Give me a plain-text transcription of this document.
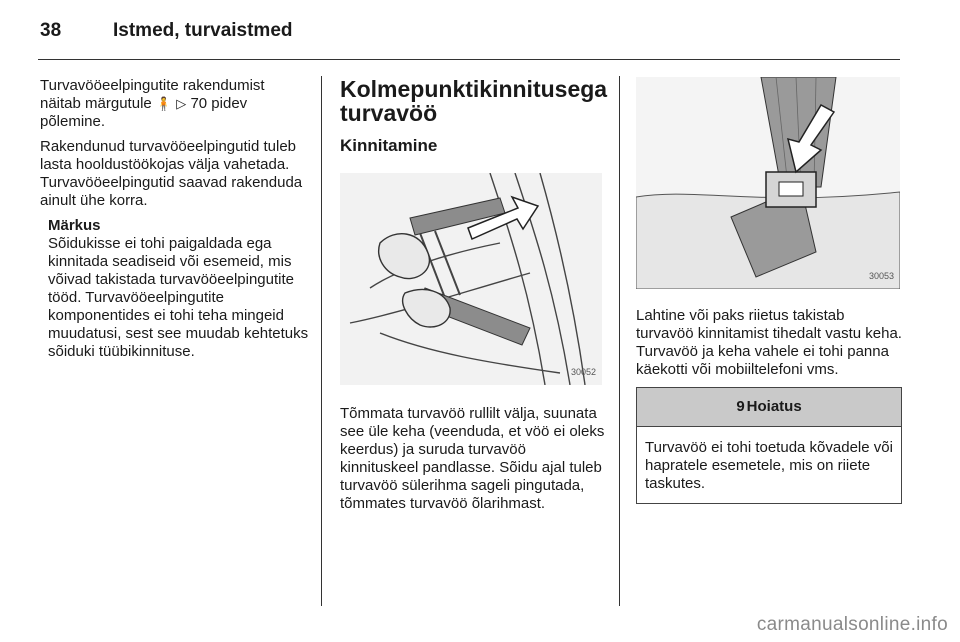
38	Istmed, turvaistmed

Turvavööeelpingutite rakendumist
näitab märgutule 🧍 ▷ 70 pidev
põlemine.

Rakendunud turvavööeelpingutid tuleb lasta hooldustöökojas välja vahetada. Turvavööeelpingutid saavad rakenduda ainult ühe korra.

Märkus
Sõidukisse ei tohi paigaldada ega kinnitada seadiseid või esemeid, mis võivad takistada turvavööeelpingutite tööd. Turvavööeelpingutite komponentides ei tohi teha mingeid muudatusi, sest see muudab kehtetuks sõiduki tüübikinnituse.
Kolmepunktikinnitusega
turvavöö
Kinnitamine
30052

Tõmmata turvavöö rullilt välja, suunata see üle keha (veenduda, et vöö ei oleks keerdus) ja suruda turvavöö kinnituskeel pandlasse. Sõidu ajal tuleb turvavöö sülerihma sageli pingutada, tõmmates turvavöö õlarihmast.

30053

Lahtine või paks riietus takistab turvavöö kinnitamist tihedalt vastu keha. Turvavöö ja keha vahele ei tohi panna käekotti või mobiiltelefoni vms.

9 Hoiatus
Turvavöö ei tohi toetuda kõvadele või hapratele esemetele, mis on riiete taskutes.
carmanualsonline.info
